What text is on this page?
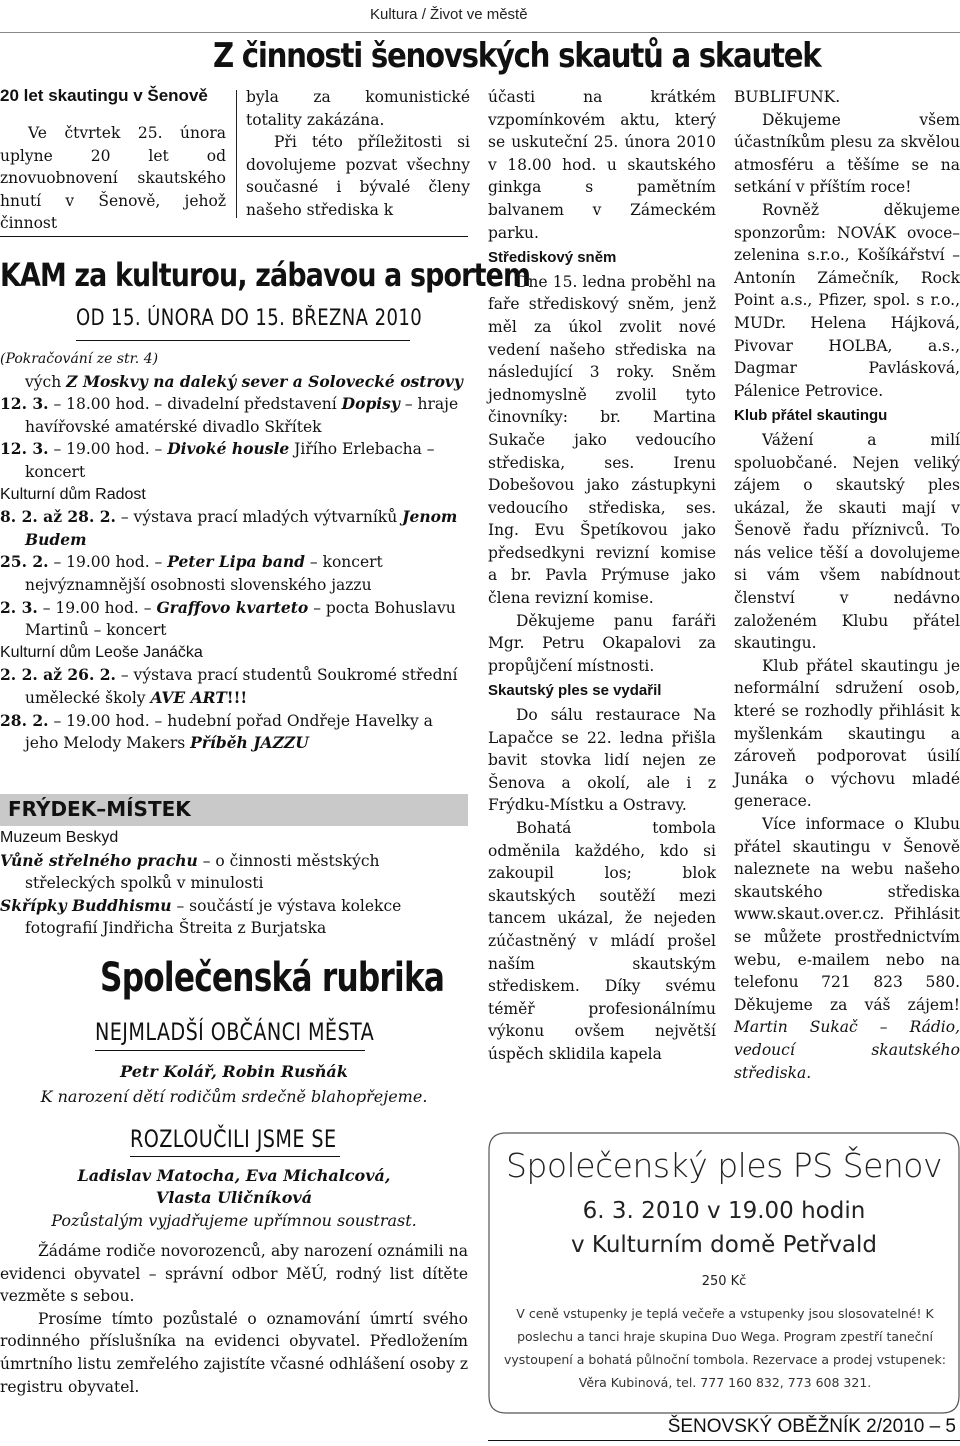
Kultura / Život ve městě
Z činnosti šenovských skautů a skautek
20 let skautingu v Šenově

Ve čtvrtek 25. února uplyne 20 let od znovuobnovení skautského hnutí v Šenově, jehož činnost

byla za komunistické totality zakázána.

Při této příležitosti si dovolujeme pozvat všechny současné i bývalé členy našeho střediska k

KAM za kulturou, zábavou a sportem
OD 15. ÚNORA DO 15. BŘEZNA 2010

(Pokračování ze str. 4)

vých Z Moskvy na daleký sever a Solovecké ostrovy

12. 3. – 18.00 hod. – divadelní představení Dopisy – hraje havířovské amatérské divadlo Skřítek

12. 3. – 19.00 hod. – Divoké housle Jiřího Erlebacha – koncert

Kulturní dům Radost

8. 2. až 28. 2. – výstava prací mladých výtvarníků Jenom Budem

25. 2. – 19.00 hod. – Peter Lipa band – koncert nejvýznamnější osobnosti slovenského jazzu

2. 3. – 19.00 hod. – Graffovo kvarteto – pocta Bohuslavu Martinů – koncert

Kulturní dům Leoše Janáčka

2. 2. až 26. 2. – výstava prací studentů Soukromé střední umělecké školy AVE ART!!!

28. 2. – 19.00 hod. – hudební pořad Ondřeje Havelky a jeho Melody Makers Příběh JAZZU

FRÝDEK–MÍSTEK

Muzeum Beskyd

Vůně střelného prachu – o činnosti městských střeleckých spolků v minulosti

Skřípky Buddhismu – součástí je výstava kolekce fotografií Jindřicha Štreita z Burjatska

Společenská rubrika
NEJMLADŠÍ OBČÁNCI MĚSTA
Petr Kolář, Robin Rusňák
K narození dětí rodičům srdečně blahopřejeme.
ROZLOUČILI JSME SE

Ladislav Matocha, Eva Michalcová,

Vlasta Uličníková

Pozůstalým vyjadřujeme upřímnou soustrast.

Žádáme rodiče novorozenců, aby narození oznámili na evidenci obyvatel – správní odbor MěÚ, rodný list dítěte vezměte s sebou.

Prosíme tímto pozůstalé o oznamování úmrtí svého rodinného příslušníka na evidenci obyvatel. Předložením úmrtního listu zemřelého zajistíte včasné odhlášení osoby z registru obyvatel.

účasti na krátkém vzpomínkovém aktu, který se uskuteční 25. února 2010 v 18.00 hod. u skautského ginkga s pamětním balvanem v Zámeckém parku.

Střediskový sněm

Dne 15. ledna proběhl na faře střediskový sněm, jenž měl za úkol zvolit nové vedení našeho střediska na následující 3 roky. Sněm jednomyslně zvolil tyto činovníky: br. Martina Sukače jako vedoucího střediska, ses. Irenu Dobešovou jako zástupkyni vedoucího střediska, ses. Ing. Evu Špetíkovou jako předsedkyni revizní komise a br. Pavla Prýmuse jako člena revizní komise.

Děkujeme panu faráři Mgr. Petru Okapalovi za propůjčení místnosti.

Skautský ples se vydařil

Do sálu restaurace Na Lapačce se 22. ledna přišla bavit stovka lidí nejen ze Šenova a okolí, ale i z Frýdku-Místku a Ostravy.

Bohatá tombola odměnila každého, kdo si zakoupil los; blok skautských soutěží mezi tancem ukázal, že nejeden zúčastněný v mládí prošel naším skautským střediskem. Díky svému téměř profesionálnímu výkonu ovšem největší úspěch sklidila kapela

BUBLIFUNK.

Děkujeme všem účastníkům plesu za skvělou atmosféru a těšíme se na setkání v příštím roce!

Rovněž děkujeme sponzorům: NOVÁK ovoce–zelenina s.r.o., Košíkářství – Antonín Zámečník, Rock Point a.s., Pfizer, spol. s r.o., MUDr. Helena Hájková, Pivovar HOLBA, a.s., Dagmar Pavlásková, Pálenice Petrovice.

Klub přátel skautingu

Vážení a milí spoluobčané. Nejen veliký zájem o skautský ples ukázal, že skauti mají v Šenově řadu příznivců. To nás velice těší a dovolujeme si vám všem nabídnout členství v nedávno založeném Klubu přátel skautingu.

Klub přátel skautingu je neformální sdružení osob, které se rozhodly přihlásit k myšlenkám skautingu a zároveň podporovat úsilí Junáka o výchovu mladé generace.

Více informace o Klubu přátel skautingu v Šenově naleznete na webu našeho skautského střediska www.skaut.over.cz. Přihlásit se můžete prostřednictvím webu, e-mailem nebo na telefonu 721 823 580. Děkujeme za váš zájem! Martin Sukač – Rádio, vedoucí skautského střediska.

Společenský ples PS Šenov
6. 3. 2010 v 19.00 hodin
v Kulturním domě Petřvald
250 Kč
V ceně vstupenky je teplá večeře a vstupenky jsou slosovatelné! K poslechu a tanci hraje skupina Duo Wega. Program zpestří taneční vystoupení a bohatá půlnoční tombola. Rezervace a prodej vstupenek: Věra Kubinová, tel. 777 160 832, 773 608 321.
ŠENOVSKÝ OBĚŽNÍK 2/2010 – 5
